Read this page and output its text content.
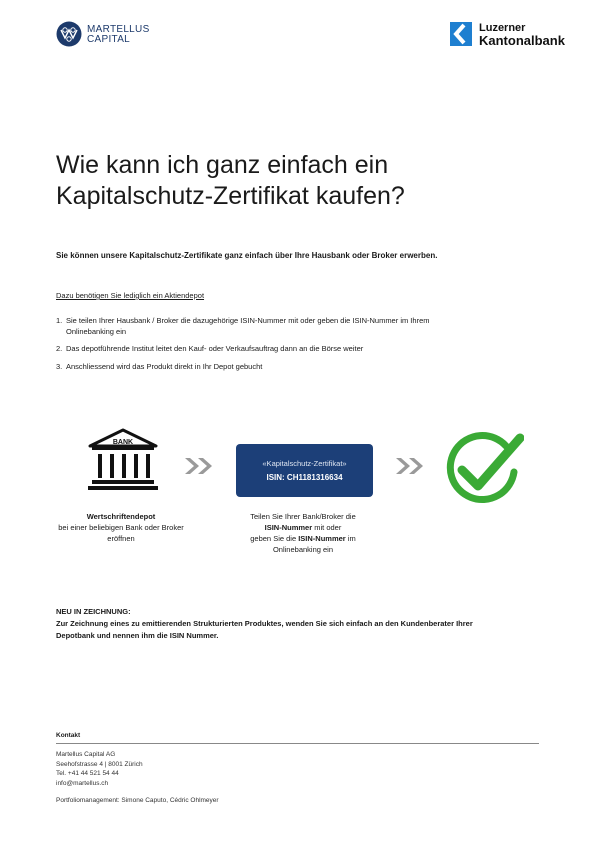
MARTELLUS
CAPITAL
Luzerner
Kantonalbank
Wie kann ich ganz einfach ein Kapitalschutz-Zertifikat kaufen?
Sie können unsere Kapitalschutz-Zertifikate ganz einfach über Ihre Hausbank oder Broker erwerben.
Dazu benötigen Sie lediglich ein Aktiendepot
1. Sie teilen Ihrer Hausbank / Broker die dazugehörige ISIN-Nummer mit oder geben die ISIN-Nummer im Ihrem Onlinebanking ein
2. Das depotführende Institut leitet den Kauf- oder Verkaufsauftrag dann an die Börse weiter
3. Anschliessend wird das Produkt direkt in Ihr Depot gebucht
BANK
«Kapitalschutz-Zertifikat»
ISIN: CH1181316634
Wertschriftendepot
bei einer beliebigen Bank oder Broker eröffnen
Teilen Sie Ihrer Bank/Broker die
ISIN-Nummer mit oder
geben Sie die ISIN-Nummer im
Onlinebanking ein
NEU IN ZEICHNUNG:
Zur Zeichnung eines zu emittierenden Strukturierten Produktes, wenden Sie sich einfach an den Kundenberater Ihrer Depotbank und nennen ihm die ISIN Nummer.
Kontakt
Martellus Capital AG
Seehofstrasse 4 | 8001 Zürich
Tel. +41 44 521 54 44
info@martellus.ch
Portfoliomanagement: Simone Caputo, Cédric Ohlmeyer
